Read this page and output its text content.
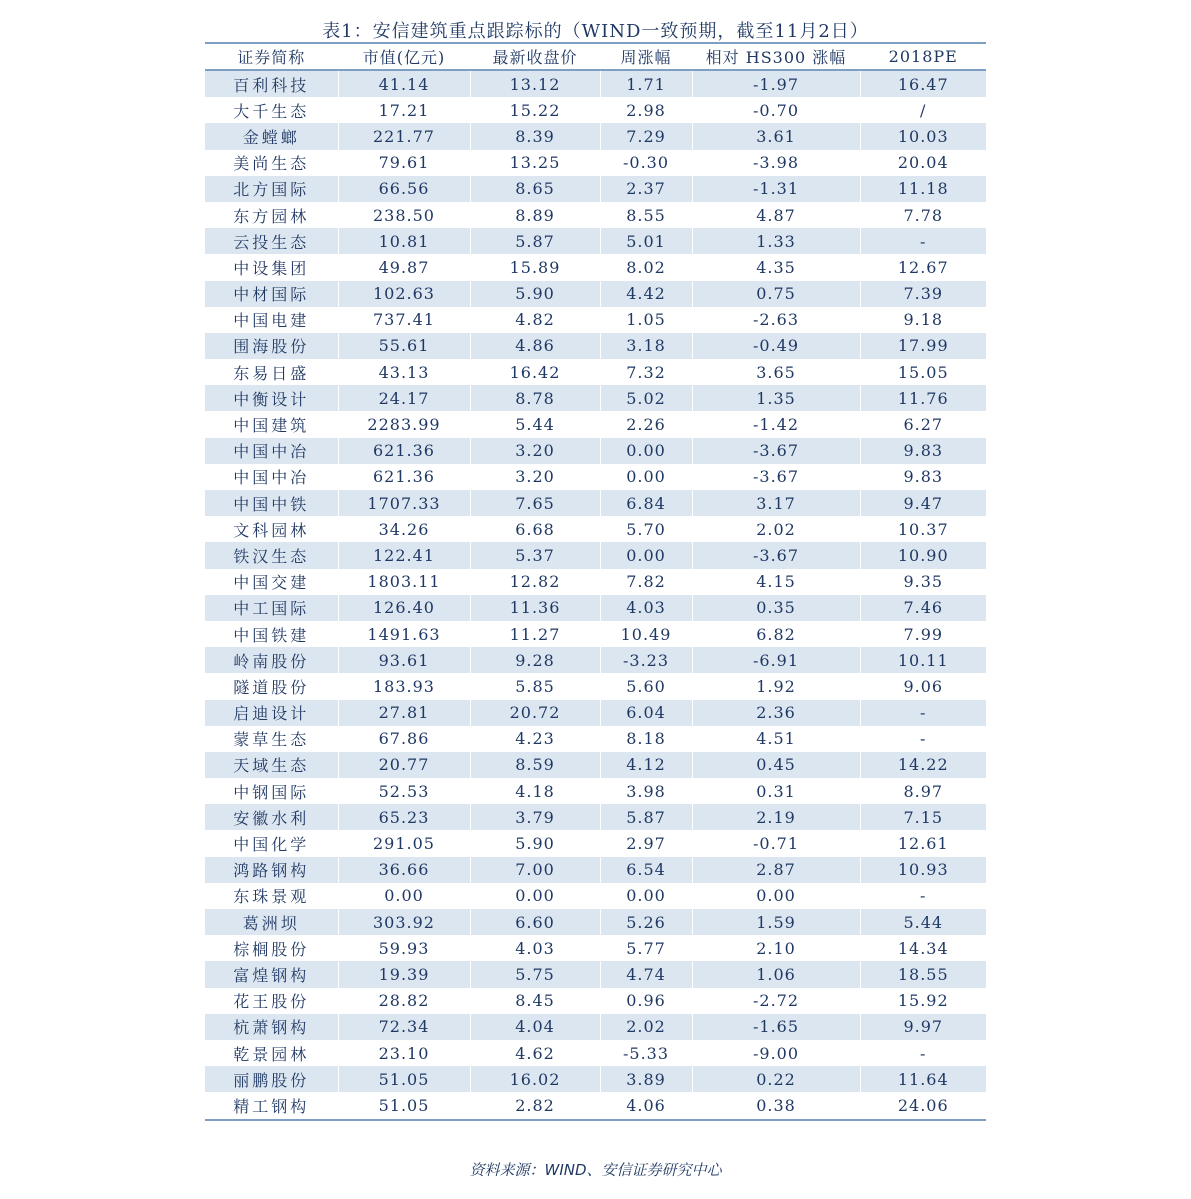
表1：安信建筑重点跟踪标的（WIND一致预期，截至11月2日）
证券简称	市值(亿元)	最新收盘价	周涨幅	相对 HS300 涨幅	2018PE
百利科技	41.14	13.12	1.71	-1.97	16.47
大千生态	17.21	15.22	2.98	-0.70	/
金螳螂	221.77	8.39	7.29	3.61	10.03
美尚生态	79.61	13.25	-0.30	-3.98	20.04
北方国际	66.56	8.65	2.37	-1.31	11.18
东方园林	238.50	8.89	8.55	4.87	7.78
云投生态	10.81	5.87	5.01	1.33	-
中设集团	49.87	15.89	8.02	4.35	12.67
中材国际	102.63	5.90	4.42	0.75	7.39
中国电建	737.41	4.82	1.05	-2.63	9.18
围海股份	55.61	4.86	3.18	-0.49	17.99
东易日盛	43.13	16.42	7.32	3.65	15.05
中衡设计	24.17	8.78	5.02	1.35	11.76
中国建筑	2283.99	5.44	2.26	-1.42	6.27
中国中冶	621.36	3.20	0.00	-3.67	9.83
中国中冶	621.36	3.20	0.00	-3.67	9.83
中国中铁	1707.33	7.65	6.84	3.17	9.47
文科园林	34.26	6.68	5.70	2.02	10.37
铁汉生态	122.41	5.37	0.00	-3.67	10.90
中国交建	1803.11	12.82	7.82	4.15	9.35
中工国际	126.40	11.36	4.03	0.35	7.46
中国铁建	1491.63	11.27	10.49	6.82	7.99
岭南股份	93.61	9.28	-3.23	-6.91	10.11
隧道股份	183.93	5.85	5.60	1.92	9.06
启迪设计	27.81	20.72	6.04	2.36	-
蒙草生态	67.86	4.23	8.18	4.51	-
天域生态	20.77	8.59	4.12	0.45	14.22
中钢国际	52.53	4.18	3.98	0.31	8.97
安徽水利	65.23	3.79	5.87	2.19	7.15
中国化学	291.05	5.90	2.97	-0.71	12.61
鸿路钢构	36.66	7.00	6.54	2.87	10.93
东珠景观	0.00	0.00	0.00	0.00	-
葛洲坝	303.92	6.60	5.26	1.59	5.44
棕榈股份	59.93	4.03	5.77	2.10	14.34
富煌钢构	19.39	5.75	4.74	1.06	18.55
花王股份	28.82	8.45	0.96	-2.72	15.92
杭萧钢构	72.34	4.04	2.02	-1.65	9.97
乾景园林	23.10	4.62	-5.33	-9.00	-
丽鹏股份	51.05	16.02	3.89	0.22	11.64
精工钢构	51.05	2.82	4.06	0.38	24.06
资料来源：WIND、安信证券研究中心
